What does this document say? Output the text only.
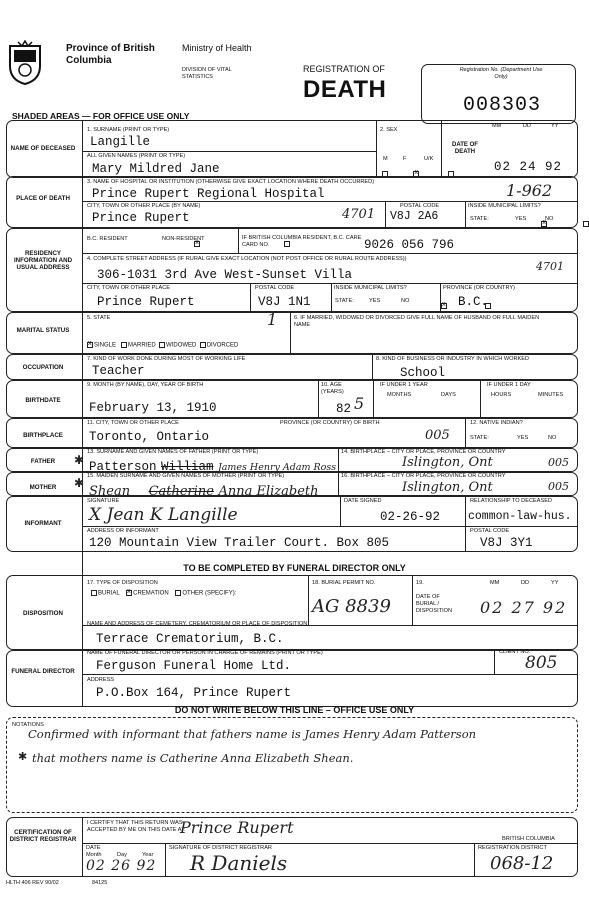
Province of British Columbia
Ministry of Health
DIVISION OF VITAL STATISTICS
REGISTRATION OF
DEATH
Registration No. (Department Use Only)
008303
SHADED AREAS — FOR OFFICE USE ONLY
NAME OF DECEASED
1. SURNAME (PRINT OR TYPE)
Langille
ALL GIVEN NAMES (PRINT OR TYPE)
Mary Mildred Jane
2. SEX
M	F	U/K
x
DATE OF DEATH
MM	DD	YY
02 24 92
PLACE OF DEATH
3. NAME OF HOSPITAL OR INSTITUTION (OTHERWISE GIVE EXACT LOCATION WHERE DEATH OCCURRED)
Prince Rupert Regional Hospital	1-962
CITY, TOWN OR OTHER PLACE (BY NAME)
Prince Rupert	4701
POSTAL CODE
V8J 2A6
INSIDE MUNICIPAL LIMITS?
STATE:
x	YES
	NO
RESIDENCY INFORMATION AND USUAL ADDRESS
B.C. RESIDENT
x	NON-RESIDENT
	IF BRITISH COLUMBIA RESIDENT, B.C. CARE CARD NO.	9026 056 796
4. COMPLETE STREET ADDRESS (IF RURAL GIVE EXACT LOCATION (NOT POST OFFICE OR RURAL ROUTE ADDRESS))
306-1031 3rd Ave West-Sunset Villa
4701
CITY, TOWN OR OTHER PLACE
Prince Rupert
POSTAL CODE
V8J 1N1
INSIDE MUNICIPAL LIMITS?
STATE:
x	YES
	NO
PROVINCE (OR COUNTRY)
B.C.
MARITAL STATUS
5. STATE	1
xSINGLE MARRIED WIDOWED DIVORCED
6. IF MARRIED, WIDOWED OR DIVORCED GIVE FULL NAME OF HUSBAND OR FULL MAIDEN NAME
OCCUPATION
7. KIND OF WORK DONE DURING MOST OF WORKING LIFE
Teacher
8. KIND OF BUSINESS OR INDUSTRY IN WHICH WORKED
School
BIRTHDATE
9. MONTH (BY NAME), DAY, YEAR OF BIRTH
February 13, 1910
10. AGE (YEARS)
82 5
IF UNDER 1 YEAR
MONTHS	DAYS
IF UNDER 1 DAY
HOURS	MINUTES
BIRTHPLACE
11. CITY, TOWN OR OTHER PLACE	PROVINCE (OR COUNTRY) OF BIRTH
Toronto, Ontario	005
12. NATIVE INDIAN?
STATE:
	YES	NO
FATHER
13. SURNAME AND GIVEN NAMES OF FATHER (PRINT OR TYPE)
✱ Patterson William James Henry Adam Ross
14. BIRTHPLACE – CITY OR PLACE, PROVINCE OR COUNTRY
Islington, Ont	005
MOTHER
15. MAIDEN SURNAME AND GIVEN NAMES OF MOTHER (PRINT OR TYPE)
✱
Shean Catherine Anna Elizabeth
16. BIRTHPLACE – CITY OR PLACE, PROVINCE OR COUNTRY
Islington, Ont	005
INFORMANT
SIGNATURE
X Jean K Langille
DATE SIGNED
02-26-92
RELATIONSHIP TO DECEASED
common-law-hus.
ADDRESS OR INFORMANT
120 Mountain View Trailer Court. Box 805
POSTAL CODE
V8J 3Y1
TO BE COMPLETED BY FUNERAL DIRECTOR ONLY
DISPOSITION
17. TYPE OF DISPOSITION
BURIAL x CREMATION OTHER (SPECIFY):
18. BURIAL PERMIT NO.
AG 8839
19.
DATE OF BURIAL / DISPOSITION
MM	DD	YY
02 27 92
NAME AND ADDRESS OF CEMETERY, CREMATORIUM OR PLACE OF DISPOSITION
Terrace Crematorium, B.C.
FUNERAL DIRECTOR
NAME OF FUNERAL DIRECTOR OR PERSON IN CHARGE OF REMAINS (PRINT OR TYPE)
Ferguson Funeral Home Ltd.
CLIENT NO.
805
ADDRESS
P.O.Box 164, Prince Rupert
DO NOT WRITE BELOW THIS LINE – OFFICE USE ONLY
NOTATIONS
Confirmed with informant that fathers name is James Henry Adam Patterson
✱ that mothers name is Catherine Anna Elizabeth Shean.
CERTIFICATION OF DISTRICT REGISTRAR
I CERTIFY THAT THIS RETURN WAS ACCEPTED BY ME ON THIS DATE AT:
Prince Rupert
BRITISH COLUMBIA
DATE
Month	Day	Year
02 26 92
SIGNATURE OF DISTRICT REGISTRAR
R Daniels
REGISTRATION DISTRICT
068-12
HLTH 406 REV 90/02	84125
